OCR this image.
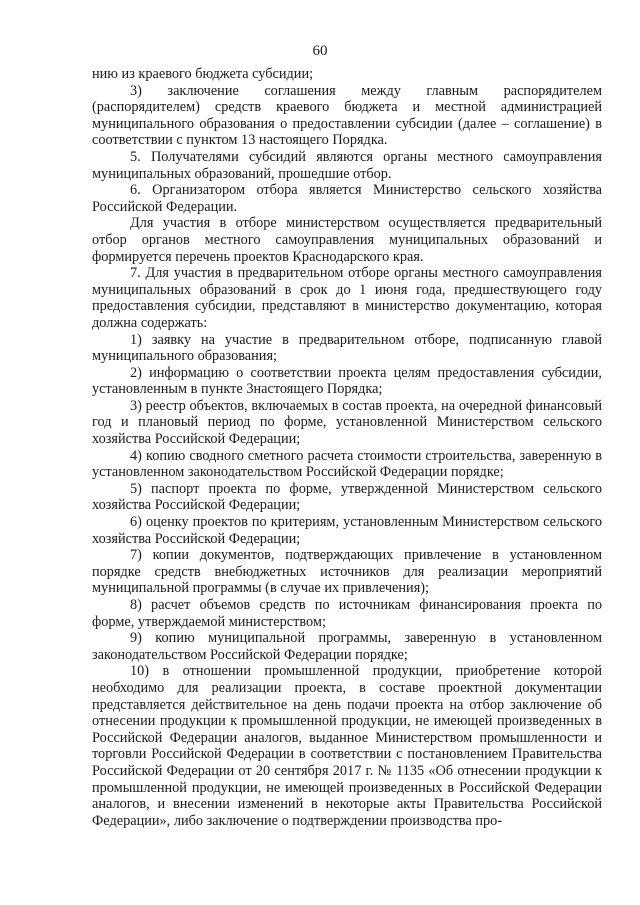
60

нию из краевого бюджета субсидии;

3) заключение соглашения между главным распорядителем (распорядителем) средств краевого бюджета и местной администрацией муниципального образования о предоставлении субсидии (далее – соглашение) в соответствии с пунктом 13 настоящего Порядка.

5. Получателями субсидий являются органы местного самоуправления муниципальных образований, прошедшие отбор.

6. Организатором отбора является Министерство сельского хозяйства Российской Федерации.

Для участия в отборе министерством осуществляется предварительный отбор органов местного самоуправления муниципальных образований и формируется перечень проектов Краснодарского края.

7. Для участия в предварительном отборе органы местного самоуправления муниципальных образований в срок до 1 июня года, предшествующего году предоставления субсидии, представляют в министерство документацию, которая должна содержать:

1) заявку на участие в предварительном отборе, подписанную главой муниципального образования;

2) информацию о соответствии проекта целям предоставления субсидии, установленным в пункте 3настоящего Порядка;

3) реестр объектов, включаемых в состав проекта, на очередной финансовый год и плановый период по форме, установленной Министерством сельского хозяйства Российской Федерации;

4) копию сводного сметного расчета стоимости строительства, заверенную в установленном законодательством Российской Федерации порядке;

5) паспорт проекта по форме, утвержденной Министерством сельского хозяйства Российской Федерации;

6) оценку проектов по критериям, установленным Министерством сельского хозяйства Российской Федерации;

7) копии документов, подтверждающих привлечение в установленном порядке средств внебюджетных источников для реализации мероприятий муниципальной программы (в случае их привлечения);

8) расчет объемов средств по источникам финансирования проекта по форме, утверждаемой министерством;

9) копию муниципальной программы, заверенную в установленном законодательством Российской Федерации порядке;

10) в отношении промышленной продукции, приобретение которой необходимо для реализации проекта, в составе проектной документации представляется действительное на день подачи проекта на отбор заключение об отнесении продукции к промышленной продукции, не имеющей произведенных в Российской Федерации аналогов, выданное Министерством промышленности и торговли Российской Федерации в соответствии с постановлением Правительства Российской Федерации от 20 сентября 2017 г. № 1135 «Об отнесении продукции к промышленной продукции, не имеющей произведенных в Российской Федерации аналогов, и внесении изменений в некоторые акты Правительства Российской Федерации», либо заключение о подтверждении производства про-
